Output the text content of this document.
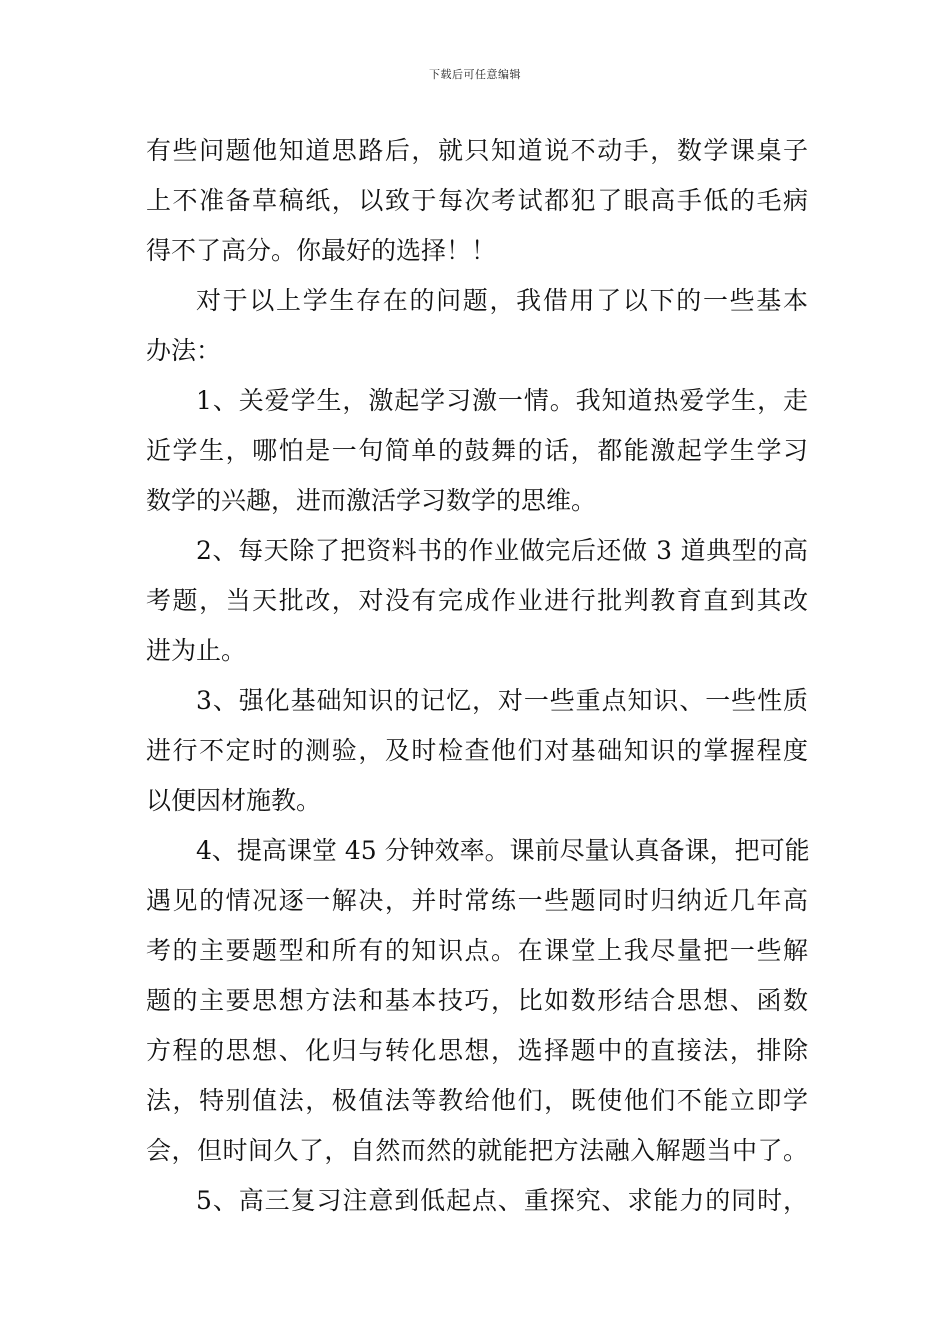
下载后可任意编辑
有些问题他知道思路后，就只知道说不动手，数学课桌子
上不准备草稿纸，以致于每次考试都犯了眼高手低的毛病
得不了高分。你最好的选择！！
对于以上学生存在的问题，我借用了以下的一些基本
办法：
1、关爱学生，激起学习激一情。我知道热爱学生，走
近学生，哪怕是一句简单的鼓舞的话，都能激起学生学习
数学的兴趣，进而激活学习数学的思维。
2、每天除了把资料书的作业做完后还做 3 道典型的高
考题，当天批改，对没有完成作业进行批判教育直到其改
进为止。
3、强化基础知识的记忆，对一些重点知识、一些性质
进行不定时的测验，及时检查他们对基础知识的掌握程度
以便因材施教。
4、提高课堂 45 分钟效率。课前尽量认真备课，把可能
遇见的情况逐一解决，并时常练一些题同时归纳近几年高
考的主要题型和所有的知识点。在课堂上我尽量把一些解
题的主要思想方法和基本技巧，比如数形结合思想、函数
方程的思想、化归与转化思想，选择题中的直接法，排除
法，特别值法，极值法等教给他们，既使他们不能立即学
会，但时间久了，自然而然的就能把方法融入解题当中了。
5、高三复习注意到低起点、重探究、求能力的同时，
